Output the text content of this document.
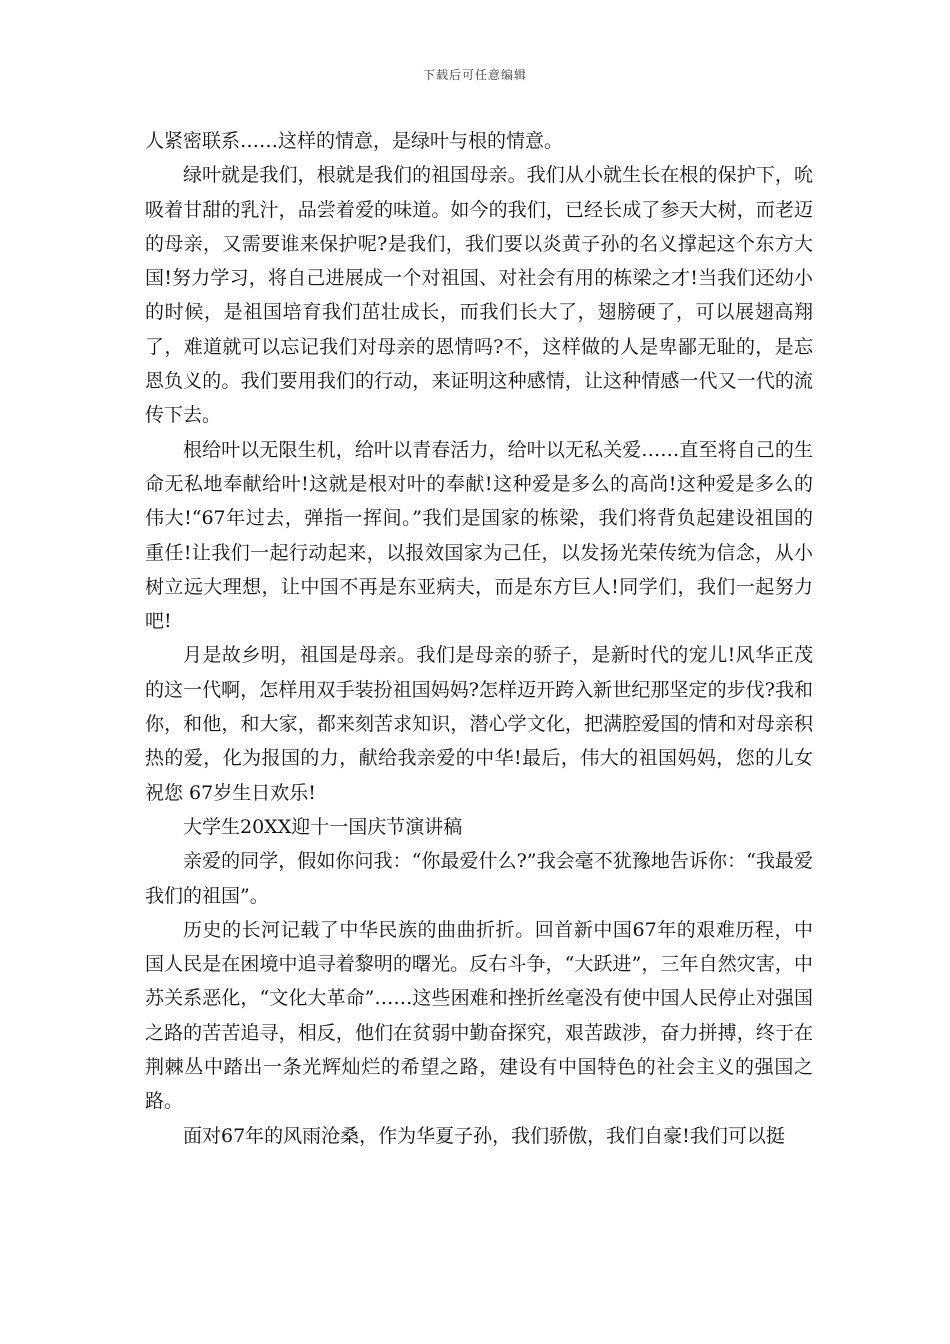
下载后可任意编辑

人紧密联系……这样的情意，是绿叶与根的情意。

绿叶就是我们，根就是我们的祖国母亲。我们从小就生长在根的保护下，吮吸着甘甜的乳汁，品尝着爱的味道。如今的我们，已经长成了参天大树，而老迈的母亲，又需要谁来保护呢?是我们，我们要以炎黄子孙的名义撑起这个东方大国!努力学习，将自己进展成一个对祖国、对社会有用的栋梁之才!当我们还幼小的时候，是祖国培育我们茁壮成长，而我们长大了，翅膀硬了，可以展翅高翔了，难道就可以忘记我们对母亲的恩情吗?不，这样做的人是卑鄙无耻的，是忘恩负义的。我们要用我们的行动，来证明这种感情，让这种情感一代又一代的流传下去。

根给叶以无限生机，给叶以青春活力，给叶以无私关爱……直至将自己的生命无私地奉献给叶!这就是根对叶的奉献!这种爱是多么的高尚!这种爱是多么的伟大!“67年过去，弹指一挥间。”我们是国家的栋梁，我们将背负起建设祖国的重任!让我们一起行动起来，以报效国家为己任，以发扬光荣传统为信念，从小树立远大理想，让中国不再是东亚病夫，而是东方巨人!同学们，我们一起努力吧!

月是故乡明，祖国是母亲。我们是母亲的骄子，是新时代的宠儿!风华正茂的这一代啊，怎样用双手装扮祖国妈妈?怎样迈开跨入新世纪那坚定的步伐?我和你，和他，和大家，都来刻苦求知识，潜心学文化，把满腔爱国的情和对母亲积热的爱，化为报国的力，献给我亲爱的中华!最后，伟大的祖国妈妈，您的儿女祝您 67岁生日欢乐!

大学生20XX迎十一国庆节演讲稿

亲爱的同学，假如你问我：“你最爱什么?”我会毫不犹豫地告诉你：“我最爱我们的祖国”。

历史的长河记载了中华民族的曲曲折折。回首新中国67年的艰难历程，中国人民是在困境中追寻着黎明的曙光。反右斗争，“大跃进”，三年自然灾害，中苏关系恶化，“文化大革命”……这些困难和挫折丝毫没有使中国人民停止对强国之路的苦苦追寻，相反，他们在贫弱中勤奋探究，艰苦跋涉，奋力拼搏，终于在荆棘丛中踏出一条光辉灿烂的希望之路，建设有中国特色的社会主义的强国之路。

面对67年的风雨沧桑，作为华夏子孙，我们骄傲，我们自豪!我们可以挺
